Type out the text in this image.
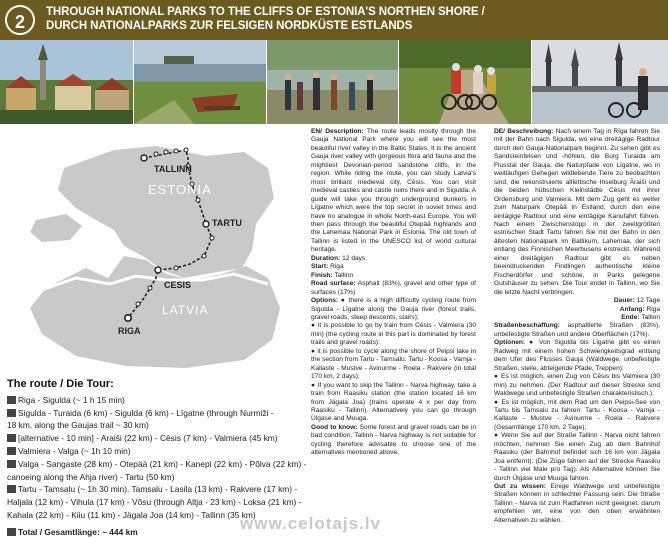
2	THROUGH NATIONAL PARKS TO THE CLIFFS OF ESTONIA'S NORTHEN SHORE /
DURCH NATIONALPARKS ZUR FELSIGEN NORDKÜSTE ESTLANDS
TALLINN
ESTONIA
TARTU
GULF OF
RIGA
CESIS
LATVIA
RIGA
The route / Die Tour:
Riga - Sigulda (~ 1 h 15 min)
Sigulda - Turaida (6 km) - Sigulda (6 km) - Līgatne (through Nurmiži -
18 km, along the Gaujas trail ~ 30 km)
[alternative - 10 min] - Araiši (22 km) - Cēsis (7 km) - Valmiera (45 km)
Valmiera - Valga (~ 1h 10 min)
Valga - Sangaste (28 km) - Otepää (21 km) - Kanepi (22 km) - Põlva (22 km) -
canoeing along the Ahja river) - Tartu (50 km)
Tartu - Tamsalu (~ 1h 30 min). Tamsalu - Lasila (13 km) - Rakvere (17 km) -
Haljala (12 km) - Vihula (17 km) - Võsu (through Altja - 23 km) - Loksa (21 km) -
Kahala (22 km) - Kiiu (11 km) - Jägala Joa (14 km) - Tallinn (35 km)
Total / Gesamtlänge: ~ 444 km

EN/ Description: The route leads mostly through the Gauja National Park where you will see the most beautiful river valley in the Baltic States. It is the ancient Gauja river valley with gorgeous flora and fauna and the mightiest Devonian-period sandstone cliffs, in the region. While riding the route, you can study Latvia's most brilliant medieval city, Cēsis. You can visit medieval castles and castle ruins there and in Sigulda. A guide will take you through underground bunkers in Līgatne which were the top secret in soviet times and have no analogue in whole North-east Europe. You will then pass through the beautiful Otepää highlands and the Lahemaa National Park in Estonia. The old town of Tallinn is listed in the UNESCO list of world cultural heritage.

Duration: 12 days

Start: Riga

Finish: Tallinn

Road surface: Asphalt (83%), gravel and other type of surfaces (17%)

Options: ● there is a high difficulty cycling route from Sigulda - Līgatne along the Gauja river (forest trails, gravel roads, steep descents, stairs);

● it is possible to go by train from Cēsis - Valmiera (30 min) (the cycling route in this part is dominated by forest trails and gravel roads);

● it is possible to cycle along the shore of Peipsi lake in the section from Tartu - Tamsalu: Tartu - Koosa - Varnja - Kallaste - Mustve - Avinurme - Roela - Rakvere (in total 170 km, 2 days);

● If you want to skip the Tallinn - Narva highway, take a train from Raasiku station (the station located 16 km from Jägala Joa) (trains operate 4 x per day from Raasiku - Tallinn). Alternatively you can go through Ülgase and Muuga.

Good to know: Some forest and gravel roads can be in bad condition. Tallinn - Narva highway is not suitable for cycling therefore advisable to choose one of the alternatives mentioned above.

DE/ Beschreibung: Nach einem Tag in Rīga fahren Sie mit der Bahn nach Sigulda, wo eine dreitägige Radtour durch den Gauja-Nationalpark beginnt. Zu sehen gibt es Sandsteinfelsen und -höhlen, die Burg Turaida am Flusstal der Gauja, die Naturpfade von Līgatne, wo in weitläufigen Gehegen wildlebende Tiere zu beobachten sind, die rekonstruierte altlettische Inselburg Āraiši und die beiden hübschen Kleinstädte Cēsis mit ihrer Ordensburg und Valmiera. Mit dem Zug geht es weiter zum Naturpark Otepää in Estland, durch den eine eintägige Radtour und eine eintägige Kanufahrt führen. Nach einem Zwischenstopp in der zweitgrößten estnischen Stadt Tartu fahren Sie mit der Bahn in den ältesten Nationalpark im Baltikum, Lahemaa, der sich entlang des Finnischen Meerbusens erstreckt. Während einer dreitägigen Radtour gibt es neben beeindruckenden Findlingen authentische kleine Fischerdörfer und schöne, in Parks gelegene Gutshäuser zu sehen. Die Tour endet in Tallinn, wo Sie die letzte Nacht verbringen.

Dauer: 12 Tage

Anfang: Riga

Ende: Tallinn

Straßenbeschaffung: asphaltierte Straßen (83%), unbefestigte Straßen und andere Oberflächen (17%).

Optionen: ● Von Sigulda bis Līgatne gibt es einen Radweg mit einem hohen Schwierigkeitsgrad entlang dem Ufer des Flusses Gauja (Waldwege, unbefestigte Straßen, steile, abteigende Pfade, Treppen);

● Es ist möglich, einen Zug von Cēsis bis Valmiera (30 min) zu nehmen. (Der Radtour auf dieser Strecke sind Waldwege und unbefestigte Straßen charakteristisch.);

● Es ist möglich, mit dem Rad um den Peipsi-See von Tartu bis Tamsalu zu fahren: Tartu - Koosa - Varnja - Kallaste - Mustve - Avinurme - Roela - Rakvere (Gesamtlänge 170 km, 2 Tage);

● Wenn Sie auf der Straße Tallinn - Narva nicht fahren möchten, nehmen Sie einen Zug ab dem Bahnhof Raasiku (der Bahnhof befindet sich 16 km von Jägala Joa entfernt). (Die Züge fahren auf der Strecke Raasiku - Tallinn viel Male pro Tag). Als Alternative können Sie durch Ülgase und Muuga fahren.

Gut zu wissen: Einige Waldwege und unbefestigte Straßen können in schlechter Fassung sein. Die Straße Tallinn - Narva ist zum Radfahren nicht geeignet, darum empfehlen wir, eine von den oben erwähnten Alternativen zu wählen.

www.celotajs.lv
